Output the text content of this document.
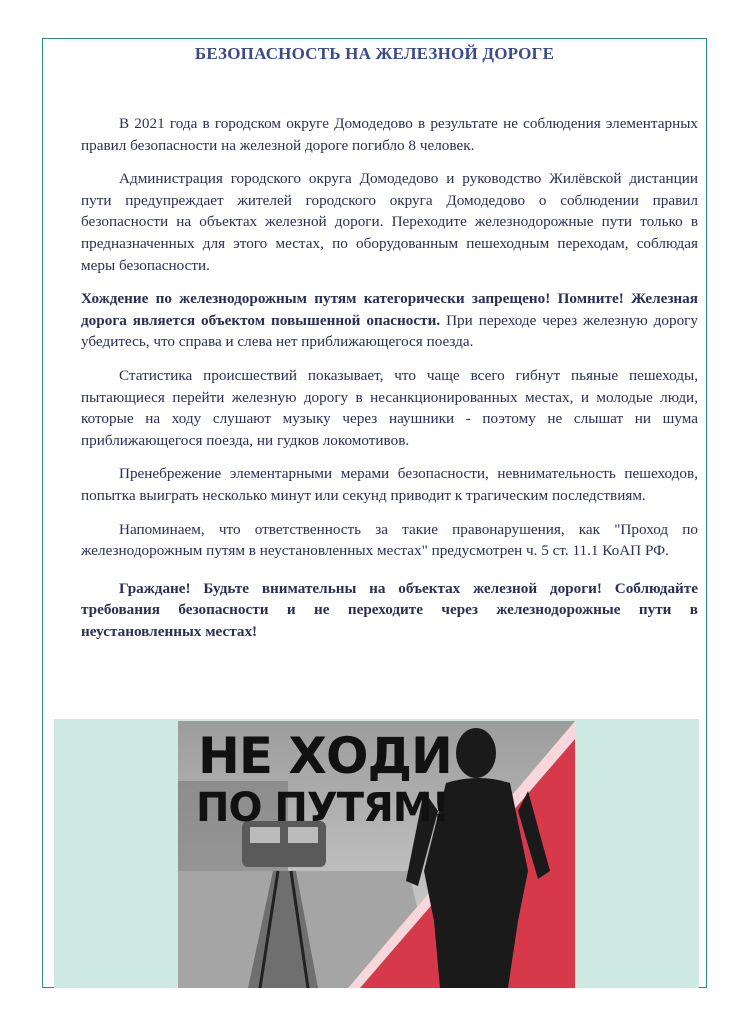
БЕЗОПАСНОСТЬ НА ЖЕЛЕЗНОЙ ДОРОГЕ

В 2021 года в городском округе Домодедово в результате не соблюдения элементарных правил безопасности на железной дороге погибло 8 человек.

Администрация городского округа Домодедово и руководство Жилёвской дистанции пути предупреждает жителей городского округа Домодедово о соблюдении правил безопасности на объектах железной дороги. Переходите железнодорожные пути только в предназначенных для этого местах, по оборудованным пешеходным переходам, соблюдая меры безопасности.

Хождение по железнодорожным путям категорически запрещено! Помните! Железная дорога является объектом повышенной опасности. При переходе через железную дорогу убедитесь, что справа и слева нет приближающегося поезда.

Статистика происшествий показывает, что чаще всего гибнут пьяные пешеходы, пытающиеся перейти железную дорогу в несанкционированных местах, и молодые люди, которые на ходу слушают музыку через наушники - поэтому не слышат ни шума приближающегося поезда, ни гудков локомотивов.

Пренебрежение элементарными мерами безопасности, невнимательность пешеходов, попытка выиграть несколько минут или секунд приводит к трагическим последствиям.

Напоминаем, что ответственность за такие правонарушения, как "Проход по железнодорожным путям в неустановленных местах" предусмотрен ч. 5 ст. 11.1 КоАП РФ.

Граждане! Будьте внимательны на объектах железной дороги! Соблюдайте требования безопасности и не переходите через железнодорожные пути в неустановленных местах!

НЕ ХОДИ
ПО ПУТЯМ!
